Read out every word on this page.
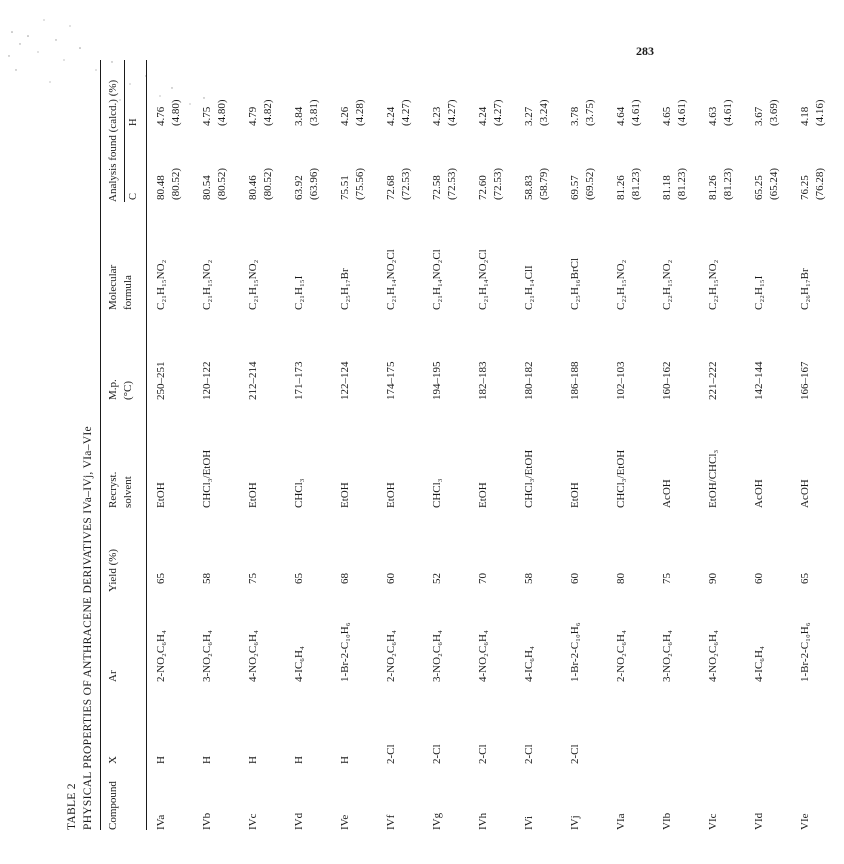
283
TABLE 2 PHYSICAL PROPERTIES OF ANTHRACENE DERIVATIVES IVa–IVj, VIa–VIe Compound
X
Ar
Yield (%)
Recryst. solvent
M.p. (°C)
Molecular formula
Analysis found (calcd.) (%) C
H
IVa
H
2-NO₂C₆H₄
65
EtOH
250–251
C₂₁H₁₅NO₂
80.48 (80.52)
4.76 (4.80)
IVb
H
3-NO₂C₆H₄
58
CHCl₃/EtOH
120–122
C₂₁H₁₅NO₂
80.54 (80.52)
4.75 (4.80)
IVc
H
4-NO₂C₆H₄
75
EtOH
212–214
C₂₁H₁₅NO₂
80.46 (80.52)
4.79 (4.82)
IVd
H
4-IC₆H₄
65
CHCl₃
171–173
C₂₁H₁₅I
63.92 (63.96)
3.84 (3.81)
IVe
H
1-Br-2-C₁₀H₆
68
EtOH
122–124
C₂₅H₁₇Br
75.51 (75.56)
4.26 (4.28)
IVf
2-Cl
2-NO₂C₆H₄
60
EtOH
174–175
C₂₁H₁₄NO₂Cl
72.68 (72.53)
4.24 (4.27)
IVg
2-Cl
3-NO₂C₆H₄
52
CHCl₃
194–195
C₂₁H₁₄NO₂Cl
72.58 (72.53)
4.23 (4.27)
IVh
2-Cl
4-NO₂C₆H₄
70
EtOH
182–183
C₂₁H₁₄NO₂Cl
72.60 (72.53)
4.24 (4.27)
IVi
2-Cl
4-IC₆H₄
58
CHCl₃/EtOH
180–182
C₂₁H₁₄ClI
58.83 (58.79)
3.27 (3.24)
IVj
2-Cl
1-Br-2-C₁₀H₆
60
EtOH
186–188
C₂₅H₁₆BrCl
69.57 (69.52)
3.78 (3.75)
VIa
2-NO₂C₆H₄
80
CHCl₃/EtOH
102–103
C₂₂H₁₅NO₂
81.26 (81.23)
4.64 (4.61)
VIb
3-NO₂C₆H₄
75
AcOH
160–162
C₂₂H₁₅NO₂
81.18 (81.23)
4.65 (4.61)
VIc
4-NO₂C₆H₄
90
EtOH/CHCl₃
221–222
C₂₂H₁₅NO₂
81.26 (81.23)
4.63 (4.61)
VId
4-IC₆H₄
60
AcOH
142–144
C₂₂H₁₅I
65.25 (65.24)
3.67 (3.69)
VIe
1-Br-2-C₁₀H₆
65
AcOH
166–167
C₂₆H₁₇Br
76.25 (76.28)
4.18 (4.16)
